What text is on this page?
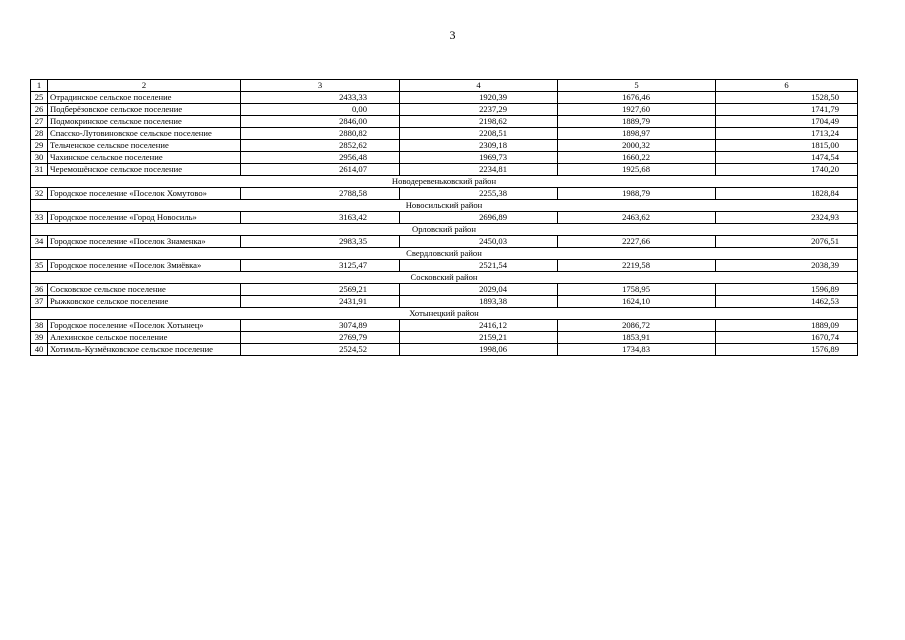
3
1	2	3	4	5	6
25	Отрадинское сельское поселение	2433,33	1920,39	1676,46	1528,50
26	Подберёзовское сельское поселение	0,00	2237,29	1927,60	1741,79
27	Подмокринское сельское поселение	2846,00	2198,62	1889,79	1704,49
28	Спасско-Лутовиновское сельское поселение	2880,82	2208,51	1898,97	1713,24
29	Тельченское сельское поселение	2852,62	2309,18	2000,32	1815,00
30	Чахинское сельское поселение	2956,48	1969,73	1660,22	1474,54
31	Черемошёнское сельское поселение	2614,07	2234,81	1925,68	1740,20
Новодеревеньковский район					
32	Городское поселение «Поселок Хомутово»	2788,58	2255,38	1988,79	1828,84
Новосильский район					
33	Городское поселение «Город Новосиль»	3163,42	2696,89	2463,62	2324,93
Орловский район					
34	Городское поселение «Поселок Знаменка»	2983,35	2450,03	2227,66	2076,51
Свердловский район					
35	Городское поселение «Поселок Змиёвка»	3125,47	2521,54	2219,58	2038,39
Сосковский район					
36	Сосковское сельское поселение	2569,21	2029,04	1758,95	1596,89
37	Рыжковское сельское поселение	2431,91	1893,38	1624,10	1462,53
Хотынецкий район					
38	Городское поселение «Поселок Хотынец»	3074,89	2416,12	2086,72	1889,09
39	Алехинское сельское поселение	2769,79	2159,21	1853,91	1670,74
40	Хотимль-Кузмёнковское сельское поселение	2524,52	1998,06	1734,83	1576,89
